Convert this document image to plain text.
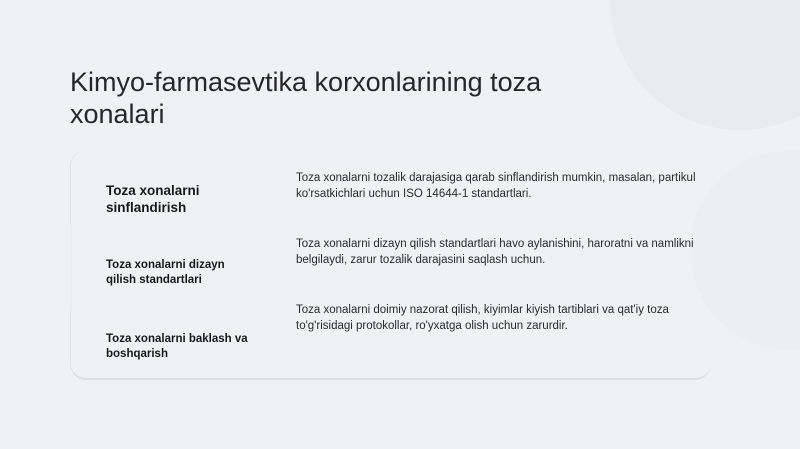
Kimyo-farmasevtika korxonlarining toza xonalari

Toza xonalarni sinflandirish

Toza xonalarni tozalik darajasiga qarab sinflandirish mumkin, masalan, partikul ko'rsatkichlari uchun ISO 14644-1 standartlari.

Toza xonalarni dizayn qilish standartlari

Toza xonalarni dizayn qilish standartlari havo aylanishini, haroratni va namlikni belgilaydi, zarur tozalik darajasini saqlash uchun.

Toza xonalarni baklash va boshqarish

Toza xonalarni doimiy nazorat qilish, kiyimlar kiyish tartiblari va qat'iy toza to'g'risidagi protokollar, ro'yxatga olish uchun zarurdir.
